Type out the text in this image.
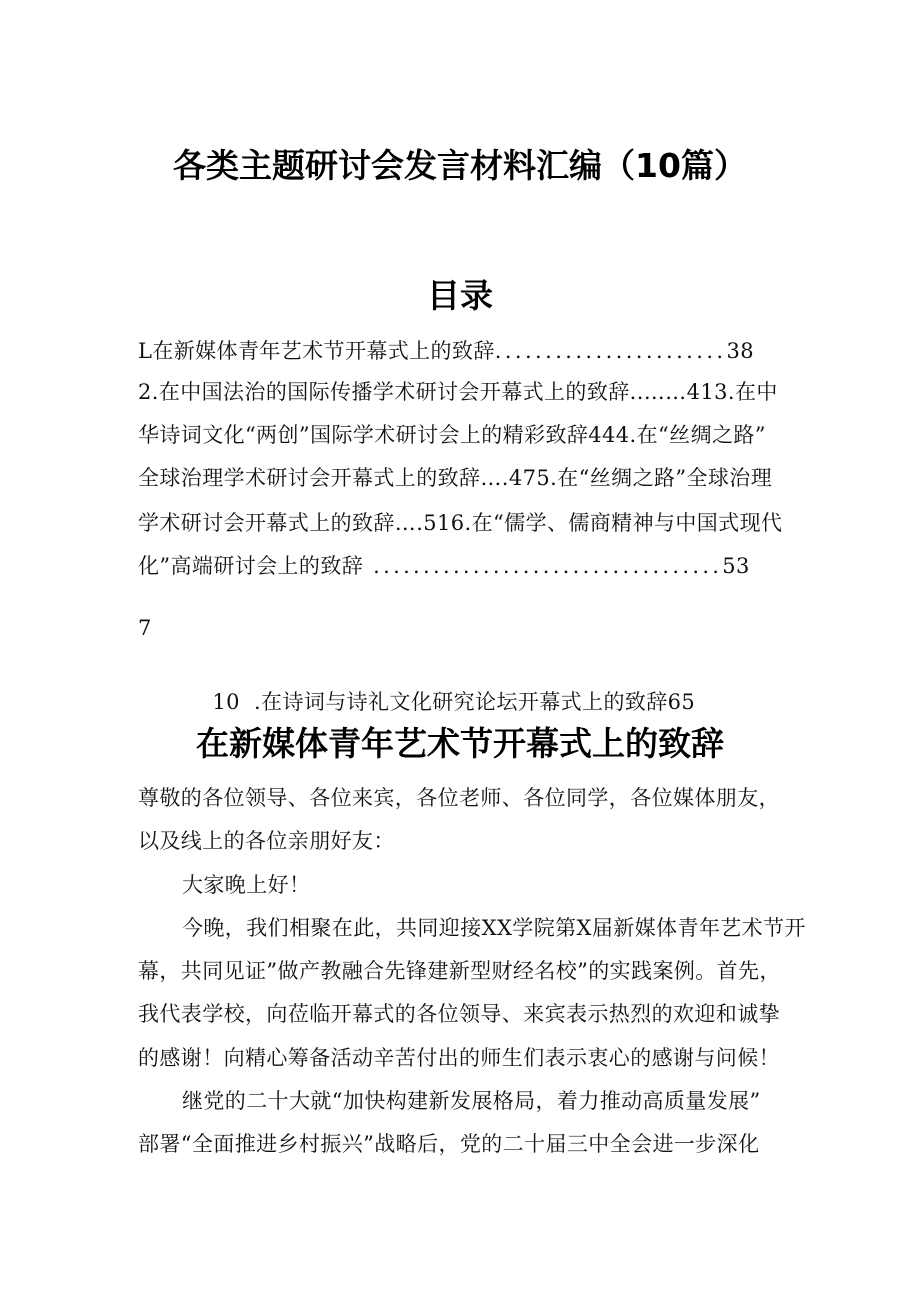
各类主题研讨会发言材料汇编（10篇）
目录
L在新媒体青年艺术节开幕式上的致辞.......................38
2.在中国法治的国际传播学术研讨会开幕式上的致辞..……413.在中
华诗词文化“两创”国际学术研讨会上的精彩致辞444.在“丝绸之路”
全球治理学术研讨会开幕式上的致辞….475.在“丝绸之路”全球治理
学术研讨会开幕式上的致辞….516.在“儒学、儒商精神与中国式现代
化”高端研讨会上的致辞 ...................................53
7

10  .在诗词与诗礼文化研究论坛开幕式上的致辞65

在新媒体青年艺术节开幕式上的致辞
尊敬的各位领导、各位来宾，各位老师、各位同学，各位媒体朋友，
以及线上的各位亲朋好友：
大家晚上好！
今晚，我们相聚在此，共同迎接XX学院第X届新媒体青年艺术节开
幕，共同见证”做产教融合先锋建新型财经名校”的实践案例。首先，
我代表学校，向莅临开幕式的各位领导、来宾表示热烈的欢迎和诚挚
的感谢！向精心筹备活动辛苦付出的师生们表示衷心的感谢与问候！
继党的二十大就“加快构建新发展格局，着力推动高质量发展”
部署“全面推进乡村振兴”战略后，党的二十届三中全会进一步深化
